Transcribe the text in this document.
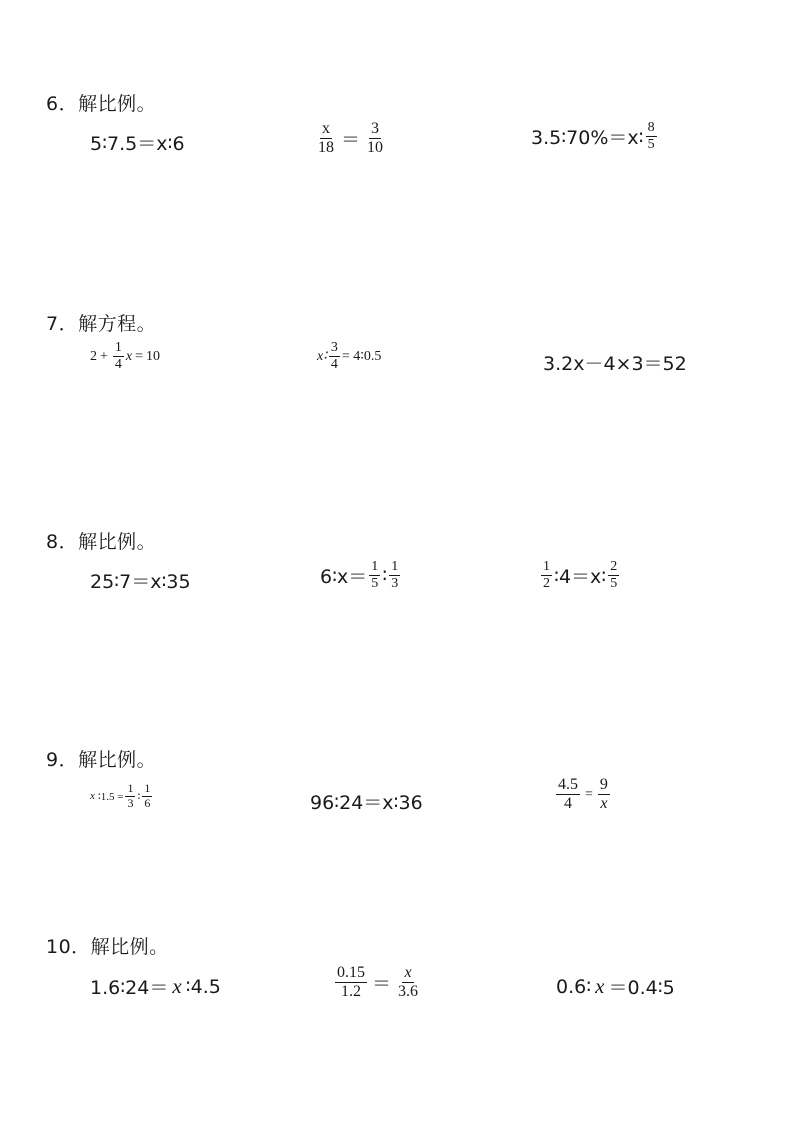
6．解比例。
5∶7.5＝x∶6	$\frac{x}{18} = \frac{3}{10}$	3.5∶70%＝x∶ $\frac{8}{5}$
7．解方程。
$2 + \frac{1}{4}$ x = 10	x∶ $\frac{3}{4}$ = 4∶0.5	3.2x－4×3＝52
8．解比例。
25∶7＝x∶35	6∶x＝ $\frac{1}{5}$ ∶ $\frac{1}{3}$	$\frac{1}{2}$ ∶4＝x∶ $\frac{2}{5}$
9．解比例。
x ∶1.5 = $\frac{1}{3}$ ∶ $\frac{1}{6}$	96∶24＝x∶36	$\frac{4.5}{4} = \frac{9}{x}$
10．解比例。
1.6∶24＝ x ∶4.5	$\frac{0.15}{1.2} = \frac{x}{3.6}$	0.6∶ x ＝0.4∶5
